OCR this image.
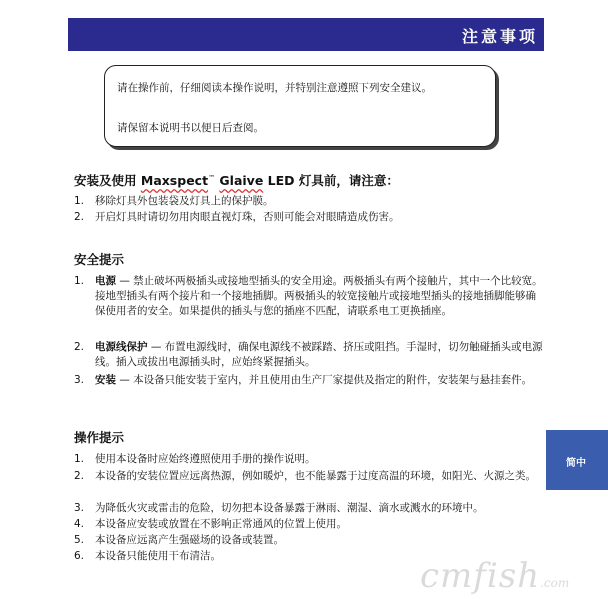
注意事项
请在操作前，仔细阅读本操作说明，并特别注意遵照下列安全建议。
请保留本说明书以便日后查阅。
安装及使用 Maxspect™ Glaive LED 灯具前，请注意：
1.	移除灯具外包装袋及灯具上的保护膜。
2.	开启灯具时请切勿用肉眼直视灯珠，否则可能会对眼睛造成伤害。
安全提示
1.	电源 — 禁止破坏两极插头或接地型插头的安全用途。两极插头有两个接触片，其中一个比较宽。接地型插头有两个接片和一个接地插脚。两极插头的较宽接触片或接地型插头的接地插脚能够确保使用者的安全。如果提供的插头与您的插座不匹配，请联系电工更换插座。
2.	电源线保护 — 布置电源线时，确保电源线不被踩踏、挤压或阻挡。手湿时，切勿触碰插头或电源线。插入或拔出电源插头时，应始终紧握插头。
3.	安装 — 本设备只能安装于室内，并且使用由生产厂家提供及指定的附件，安装架与悬挂套件。
操作提示
1.	使用本设备时应始终遵照使用手册的操作说明。
2.	本设备的安装位置应远离热源，例如暖炉，也不能暴露于过度高温的环境，如阳光、火源之类。
3.	为降低火灾或雷击的危险，切勿把本设备暴露于淋雨、潮湿、滴水或溅水的环境中。
4.	本设备应安装或放置在不影响正常通风的位置上使用。
5.	本设备应远离产生强磁场的设备或装置。
6.	本设备只能使用干布清洁。
简中
cmfish.com
